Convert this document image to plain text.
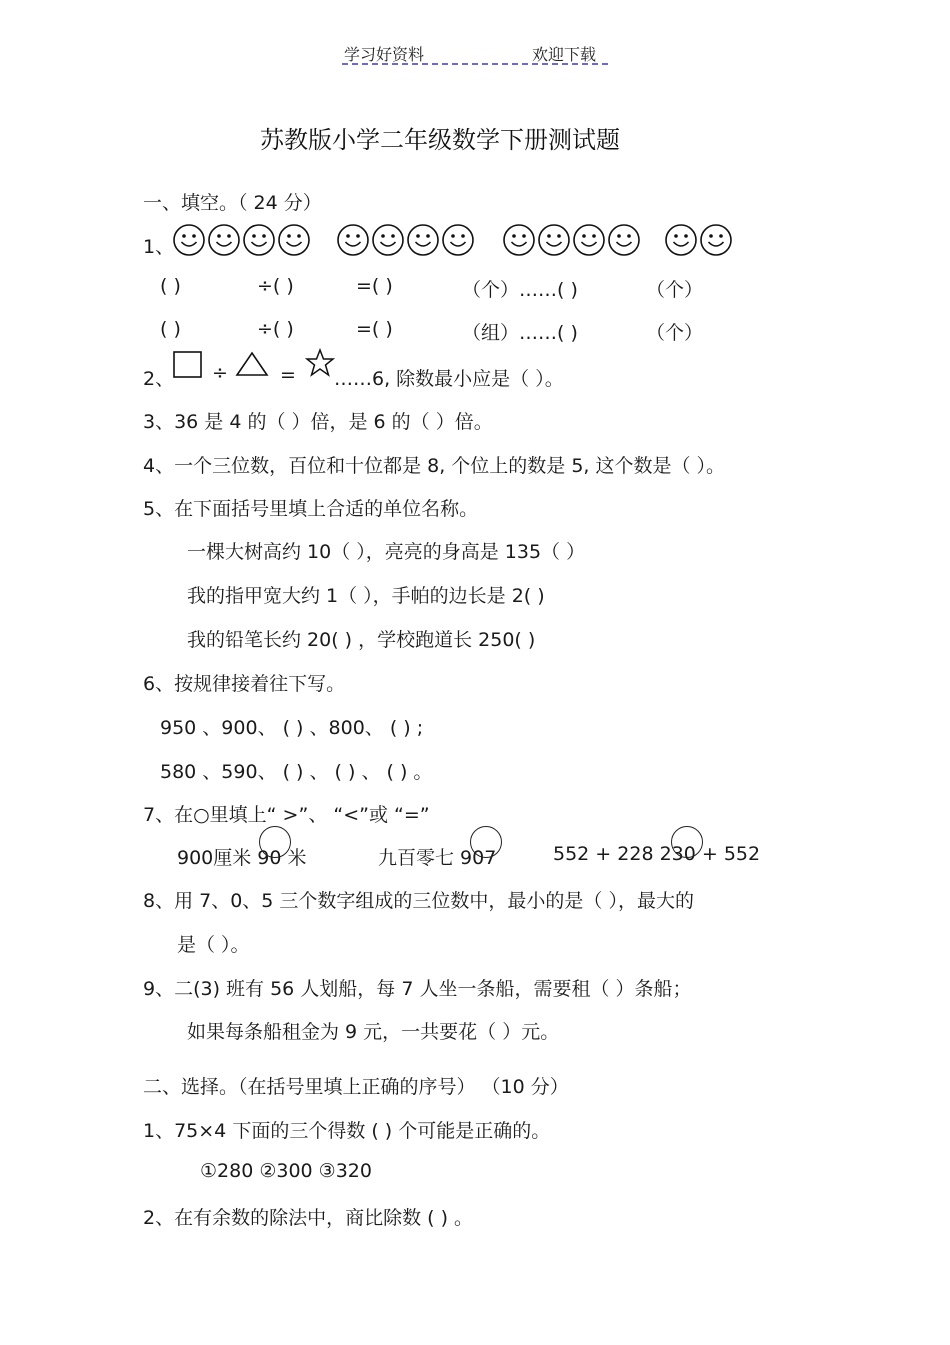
学习好资料	欢迎下载
苏教版小学二年级数学下册测试题
一、填空。（ 24 分）
1、
( )	÷( )	=( )	（个）……( )	（个）
( )	÷( )	=( )	（组）……( )	（个）
2、 ÷	= ……6, 除数最小应是（ ）。
3、36 是 4 的（ ）倍，是 6 的（ ）倍。
4、一个三位数，百位和十位都是 8, 个位上的数是 5, 这个数是（ ）。
5、在下面括号里填上合适的单位名称。
一棵大树高约 10（ ），亮亮的身高是 135（ ）
我的指甲宽大约 1（ ），手帕的边长是 2( )
我的铅笔长约 20( ) ，学校跑道长 250( )
6、按规律接着往下写。
950 、900、 ( ) 、800、 ( ) ;
580 、590、 ( ) 、 ( ) 、 ( ) 。
7、在○里填上“ >”、 “<”或 “=”
900厘米 90 米	九百零七 907	552 + 228 230 + 552
8、用 7、0、5 三个数字组成的三位数中，最小的是（ ），最大的
是（ ）。
9、二(3) 班有 56 人划船，每 7 人坐一条船，需要租（ ）条船；
如果每条船租金为 9 元，一共要花（ ）元。
二、选择。（在括号里填上正确的序号） （10 分）
1、75×4 下面的三个得数 ( ) 个可能是正确的。
①280 ②300 ③320
2、在有余数的除法中，商比除数 ( ) 。
